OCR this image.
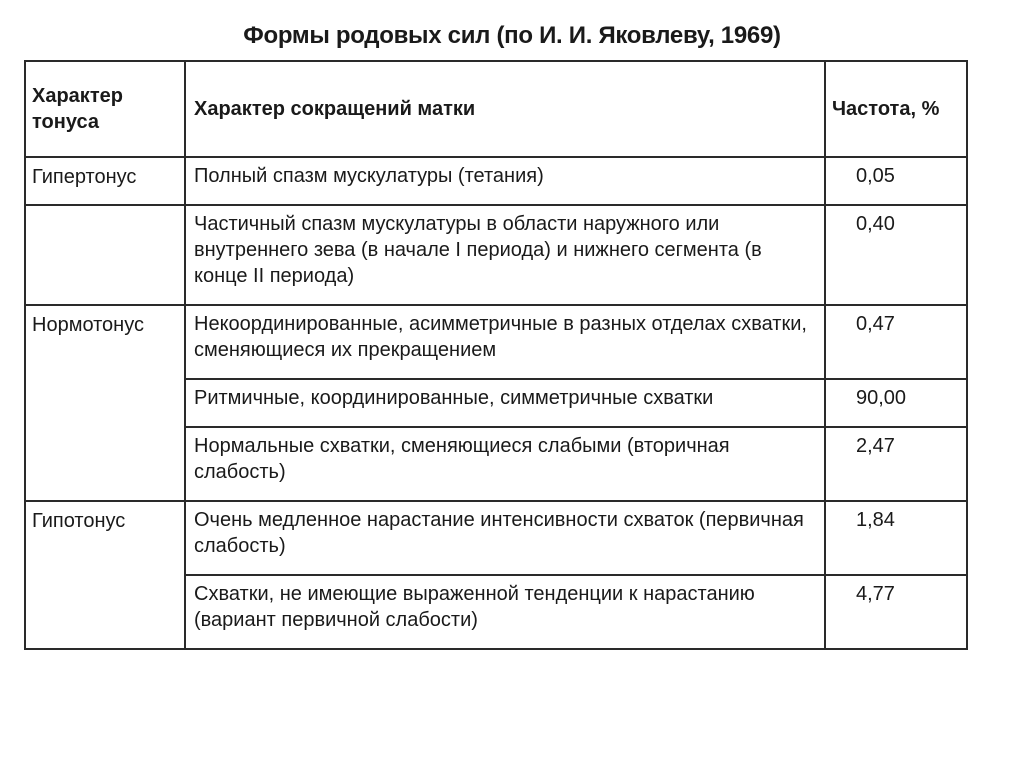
Формы родовых сил (по И. И. Яковлеву, 1969)
Характер тонуса	Характер сокращений матки	Частота, %
Гипертонус	Полный спазм мускулатуры (тетания)	0,05
	Частичный спазм мускулатуры в области наружного или внутреннего зева (в начале I периода) и нижнего сегмента (в конце II периода)	0,40
Нормотонус	Некоординированные, асимметричные в разных отделах схватки, сменяющиеся их прекращением	0,47
	Ритмичные, координированные, симметричные схватки	90,00
	Нормальные схватки, сменяющиеся слабыми (вторичная слабость)	2,47
Гипотонус	Очень медленное нарастание интенсивности схваток (первичная слабость)	1,84
	Схватки, не имеющие выраженной тенденции к нарастанию (вариант первичной слабости)	4,77
